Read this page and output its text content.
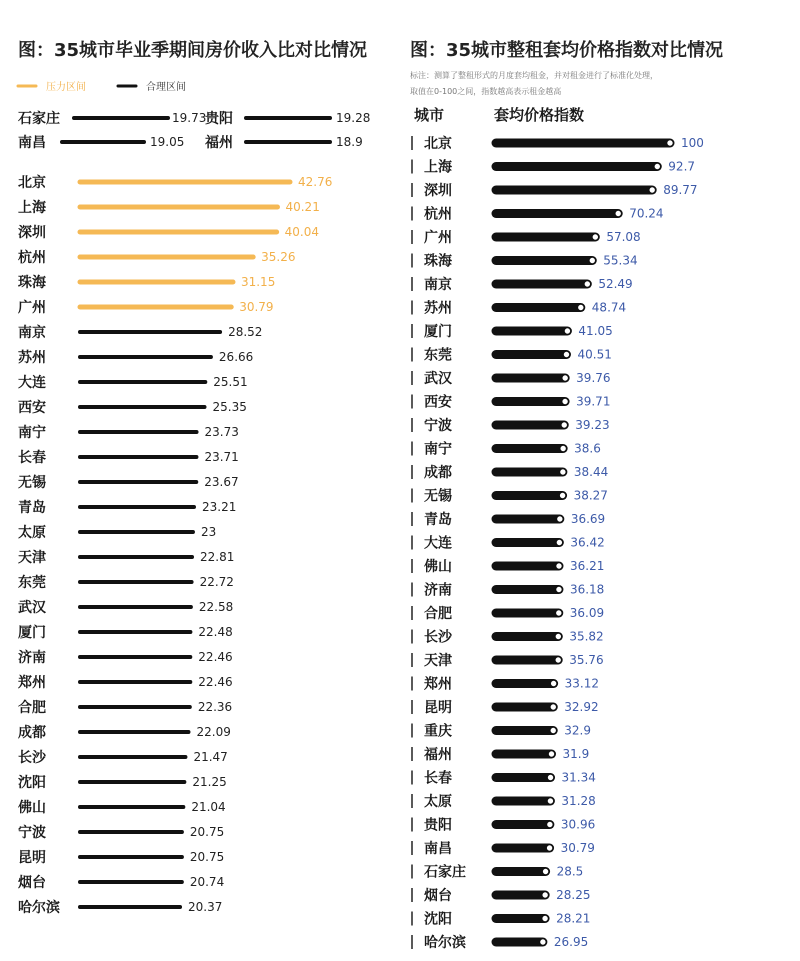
图：35城市毕业季期间房价收入比对比情况
压力区间	合理区间
石家庄	19.73
贵阳	19.28
南昌	19.05 福州	18.9
北京	42.76
上海	40.21
深圳	40.04
杭州	35.26
珠海	31.15
广州	30.79
南京	28.52
苏州	26.66
大连	25.51
西安	25.35
南宁	23.73
长春	23.71
无锡	23.67
青岛	23.21
太原	23
天津	22.81
东莞	22.72
武汉	22.58
厦门	22.48
济南	22.46
郑州	22.46
合肥	22.36
成都	22.09
长沙	21.47
沈阳	21.25
佛山	21.04
宁波	20.75
昆明	20.75
烟台	20.74
哈尔滨	20.37
图：35城市整租套均价格指数对比情况
标注：测算了整租形式的月度套均租金，并对租金进行了标准化处理，
取值在0-100之间，指数越高表示租金越高
城市	套均价格指数
北京	100
上海	92.7
深圳	89.77
杭州	70.24
广州	57.08
珠海	55.34
南京	52.49
苏州	48.74
厦门	41.05
东莞	40.51
武汉	39.76
西安	39.71
宁波	39.23
南宁	38.6
成都	38.44
无锡	38.27
青岛	36.69
大连	36.42
佛山	36.21
济南	36.18
合肥	36.09
长沙	35.82
天津	35.76
郑州	33.12
昆明	32.92
重庆	32.9
福州	31.9
长春	31.34
太原	31.28
贵阳	30.96
南昌	30.79
石家庄	28.5
烟台	28.25
沈阳	28.21
哈尔滨	26.95
